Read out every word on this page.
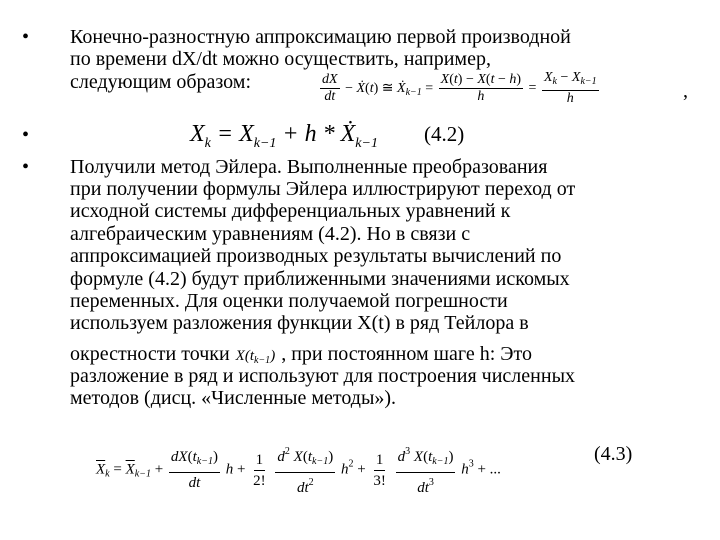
• Конечно-разностную аппроксимацию первой производной
по времени dX/dt можно осуществить, например,
следующим образом:	$\frac{dX}{dt}$ − Ẋ(t) ≅ Ẋ$_{k-1}$ = $\frac{X(t) - X(t - h)}{h} = \frac{X_k - X_{k-1}}{h}$	,
•	$X_k = X_{k-1} + h$ * Ẋ$_{k-1}$ (4.2)
• Получили метод Эйлера. Выполненные преобразования
при получении формулы Эйлера иллюстрируют переход от
исходной системы дифференциальных уравнений к
алгебраическим уравнениям (4.2). Но в связи с
аппроксимацией производных результаты вычислений по
формуле (4.2) будут приближенными значениями искомых
переменных. Для оценки получаемой погрешности
используем разложения функции X(t) в ряд Тейлора в
окрестности точки $X(t_{k-1})$ , при постоянном шаге h: Это
разложение в ряд и используют для построения численных
методов (дисц. «Численные методы»).
$\overline{X}_k = \overline{X}_{k-1} + \frac{dX(t_{k-1})}{dt}$ $h + \frac{1}{2!}$
$\frac{d^2 X(t_{k-1})}{dt^2} h^2 + \frac{1}{3!}$
$\frac{d^3 X(t_{k-1})}{dt^3} h^3$ + ...
(4.3)
